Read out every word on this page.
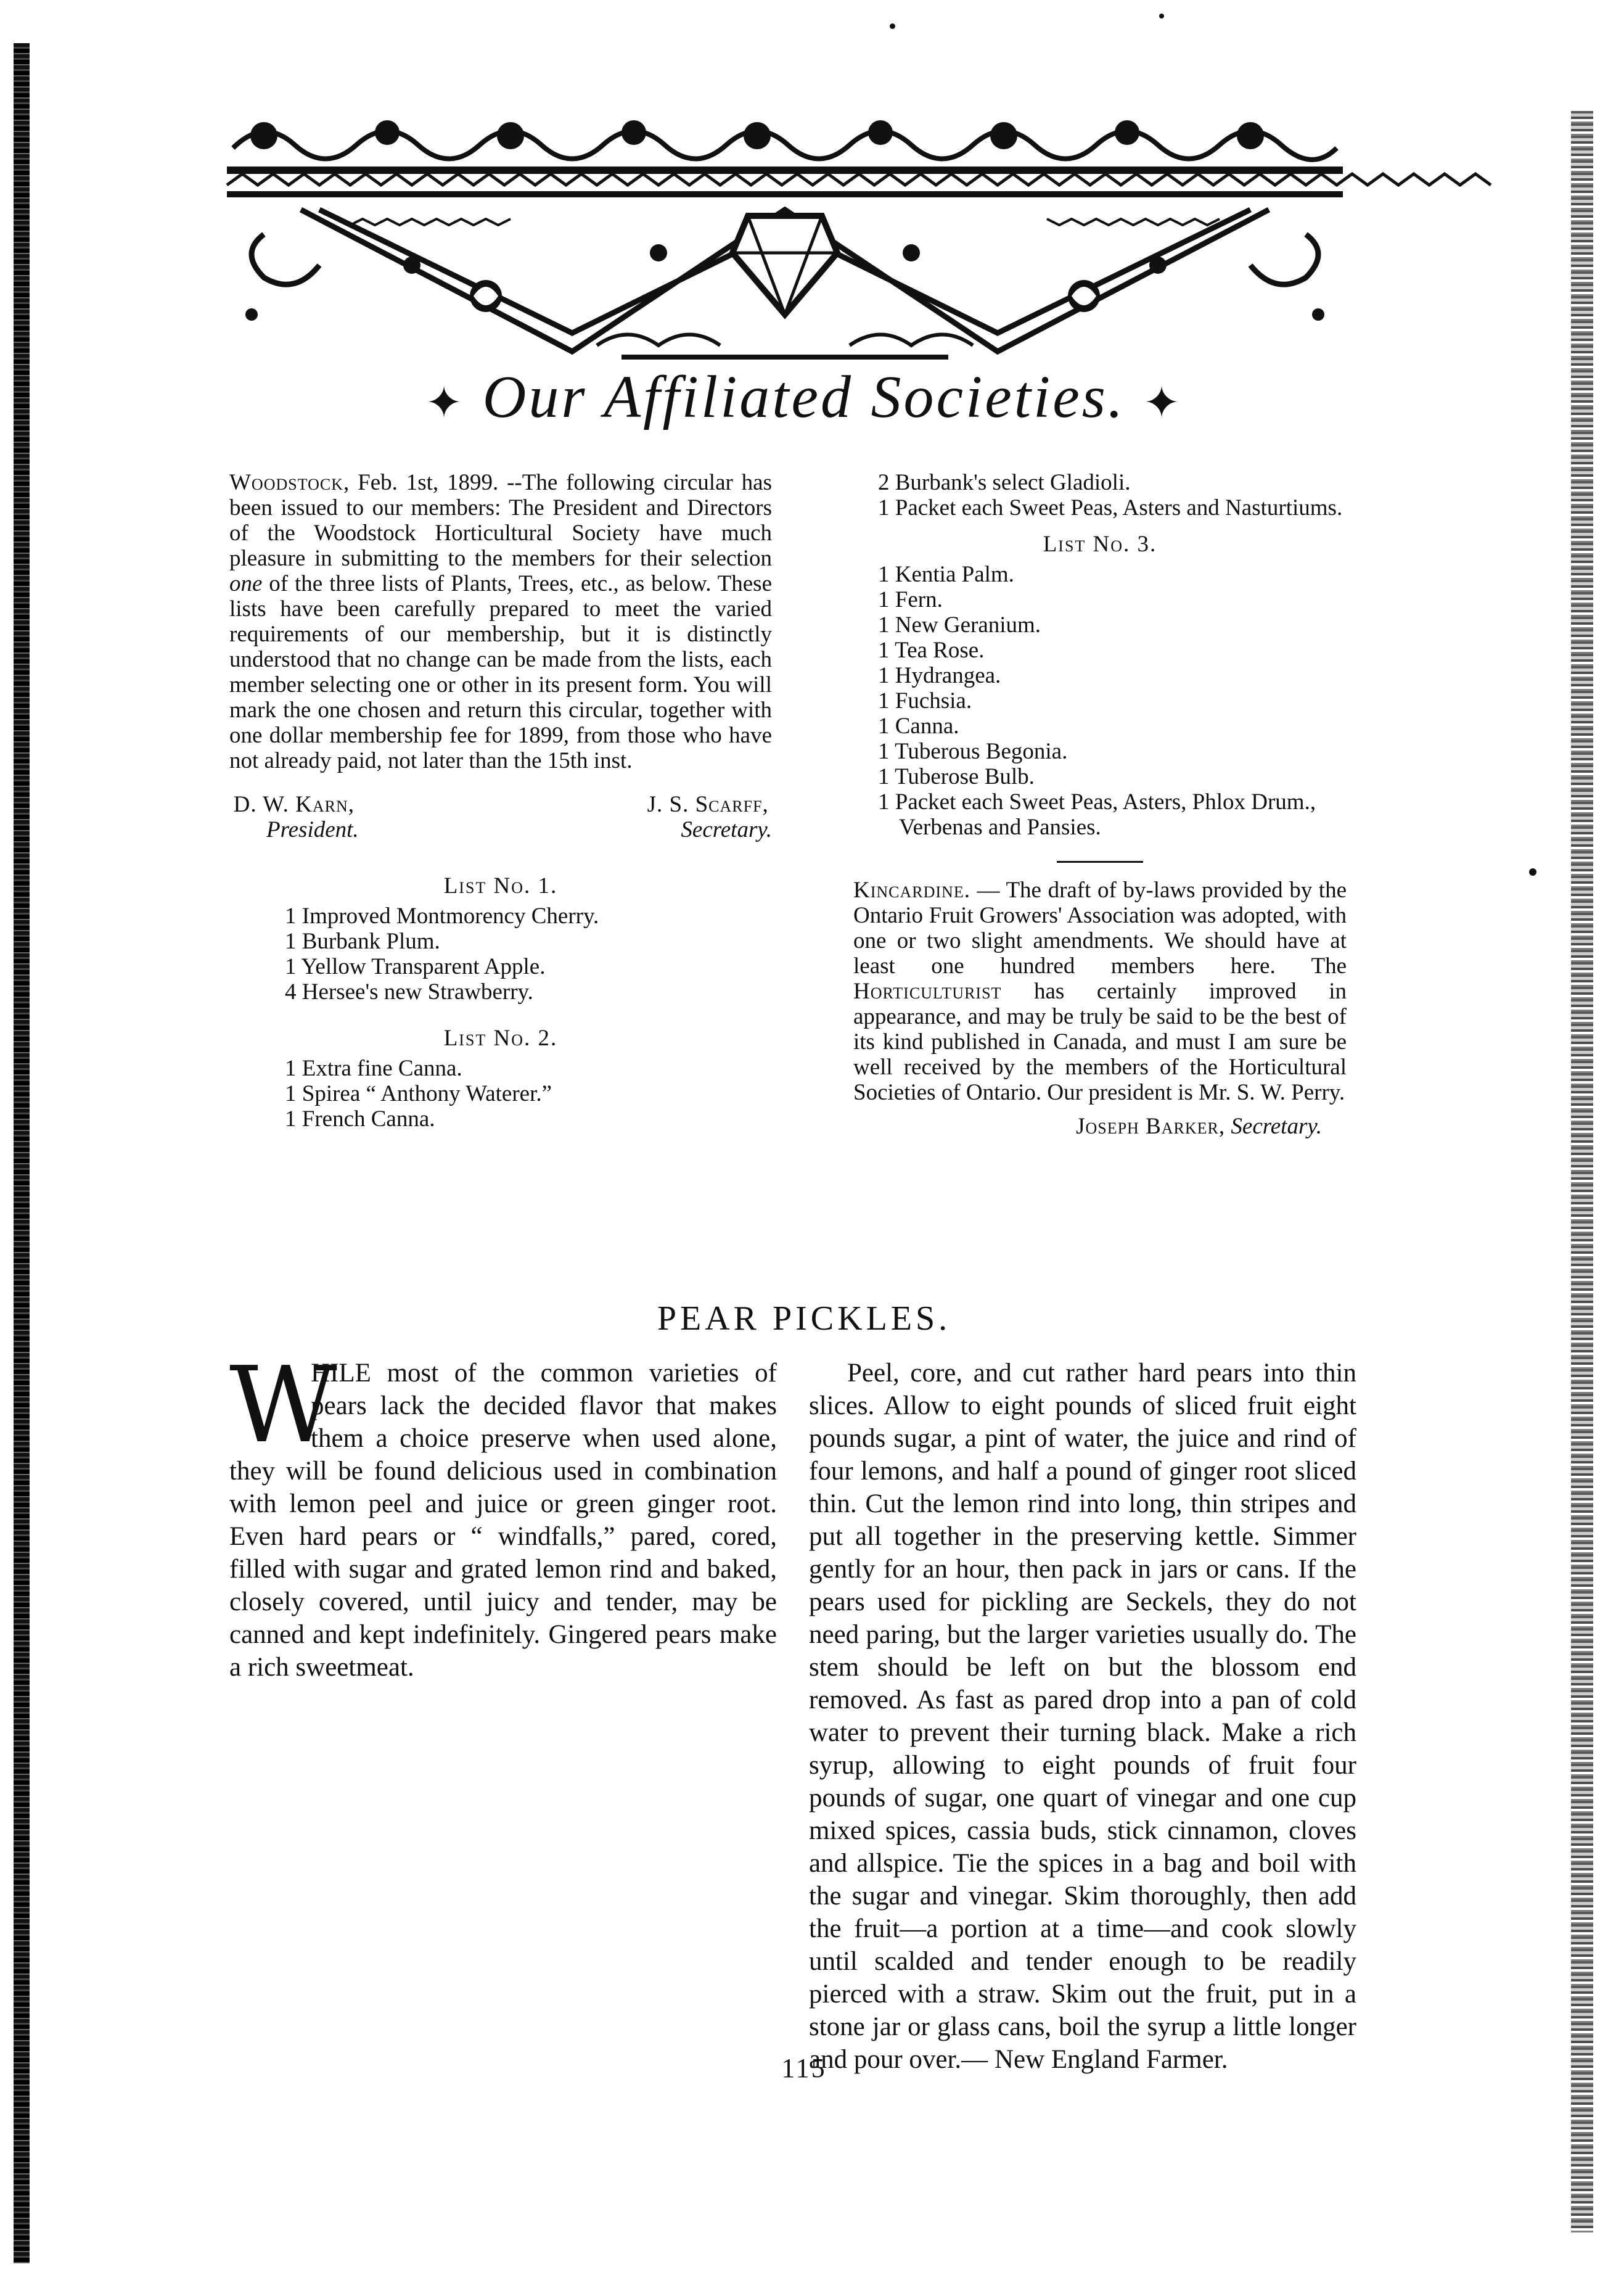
✦ Our Affiliated Societies. ✦

Woodstock, Feb. 1st, 1899. --The following circular has been issued to our members: The President and Directors of the Woodstock Horticultural Society have much pleasure in submitting to the members for their selection one of the three lists of Plants, Trees, etc., as below. These lists have been carefully prepared to meet the varied requirements of our membership, but it is distinctly understood that no change can be made from the lists, each member selecting one or other in its present form. You will mark the one chosen and return this circular, together with one dollar membership fee for 1899, from those who have not already paid, not later than the 15th inst.

D. W. Karn,
President.
J. S. Scarff,
Secretary.
List No. 1.
1 Improved Montmorency Cherry.
1 Burbank Plum.
1 Yellow Transparent Apple.
4 Hersee's new Strawberry.
List No. 2.
1 Extra fine Canna.
1 Spirea “ Anthony Waterer.”
1 French Canna.
2 Burbank's select Gladioli.
1 Packet each Sweet Peas, Asters and Nasturtiums.
List No. 3.
1 Kentia Palm.
1 Fern.
1 New Geranium.
1 Tea Rose.
1 Hydrangea.
1 Fuchsia.
1 Canna.
1 Tuberous Begonia.
1 Tuberose Bulb.
1 Packet each Sweet Peas, Asters, Phlox Drum., Verbenas and Pansies.

Kincardine. — The draft of by-laws provided by the Ontario Fruit Growers' Association was adopted, with one or two slight amendments. We should have at least one hundred members here. The Horticulturist has certainly improved in appearance, and may be truly be said to be the best of its kind published in Canada, and must I am sure be well received by the members of the Horticultural Societies of Ontario. Our president is Mr. S. W. Perry.

Joseph Barker, Secretary.
PEAR PICKLES.

W
HILE most of the common varieties of pears lack the decided flavor that makes them a choice preserve when used alone, they will be found delicious used in combination with lemon peel and juice or green ginger root. Even hard pears or “ windfalls,” pared, cored, filled with sugar and grated lemon rind and baked, closely covered, until juicy and tender, may be canned and kept indefinitely. Gingered pears make a rich sweetmeat.

Peel, core, and cut rather hard pears into thin slices. Allow to eight pounds of sliced fruit eight pounds sugar, a pint of water, the juice and rind of four lemons, and half a pound of ginger root sliced thin. Cut the lemon rind into long, thin stripes and put all together in the preserving kettle. Simmer gently for an hour, then pack in jars or cans. If the pears used for pickling are Seckels, they do not need paring, but the larger varieties usually do. The stem should be left on but the blossom end removed. As fast as pared drop into a pan of cold water to prevent their turning black. Make a rich syrup, allowing to eight pounds of fruit four pounds of sugar, one quart of vinegar and one cup mixed spices, cassia buds, stick cinnamon, cloves and allspice. Tie the spices in a bag and boil with the sugar and vinegar. Skim thoroughly, then add the fruit—a portion at a time—and cook slowly until scalded and tender enough to be readily pierced with a straw. Skim out the fruit, put in a stone jar or glass cans, boil the syrup a little longer and pour over.— New England Farmer.

115
